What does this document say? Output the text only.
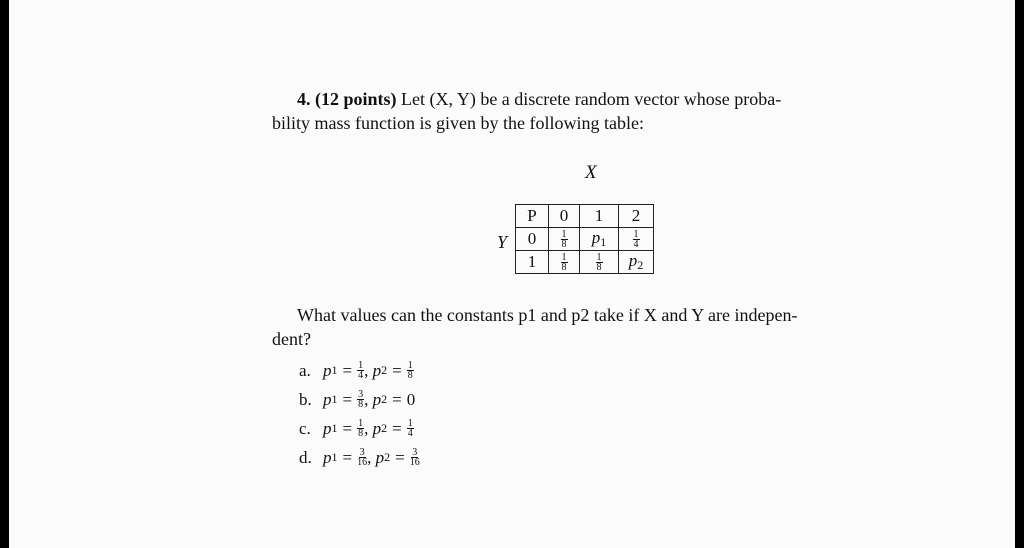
4. (12 points) Let (X, Y) be a discrete random vector whose proba-

bility mass function is given by the following table:
X
Y
P	0	1	2
0	$\frac{1}{8}$	$p_1$	$\frac{1}{4}$

1	$\frac{1}{8}$	$\frac{1}{8}$	$p_2$
What values can the constants p1 and p2 take if X and Y are indepen-
dent?
a. p $1 = \frac{1}{4}$ ,
p $2 = \frac{1}{8}$
b. p $1 = \frac{3}{8}$ ,
p 2 = 0
c. p $1 = \frac{1}{8}$ ,
p $2 = \frac{1}{4}$
d. p $1 = \frac{3}{16}$ ,
p $2 = \frac{3}{16}$
